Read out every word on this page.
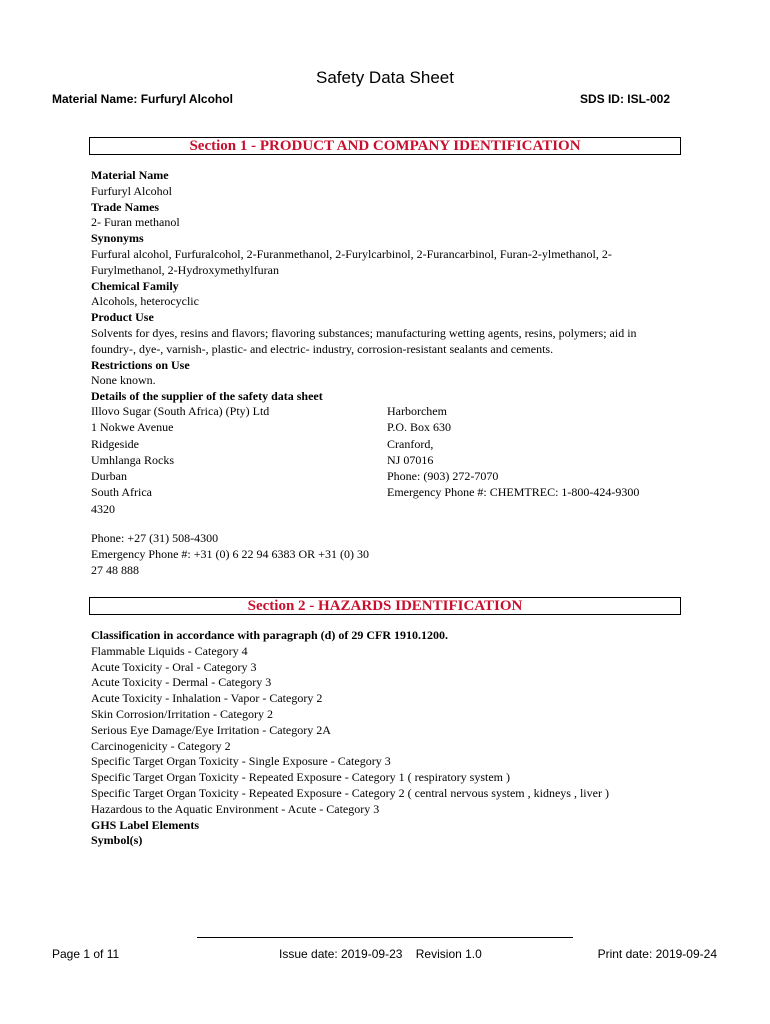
Safety Data Sheet
Material Name: Furfuryl Alcohol	SDS ID: ISL-002
Section 1 - PRODUCT AND COMPANY IDENTIFICATION
Material Name
Furfuryl Alcohol
Trade Names
2- Furan methanol
Synonyms
Furfural alcohol, Furfuralcohol, 2-Furanmethanol, 2-Furylcarbinol, 2-Furancarbinol, Furan-2-ylmethanol, 2-
Furylmethanol, 2-Hydroxymethylfuran
Chemical Family
Alcohols, heterocyclic
Product Use
Solvents for dyes, resins and flavors; flavoring substances; manufacturing wetting agents, resins, polymers; aid in
foundry-, dye-, varnish-, plastic- and electric- industry, corrosion-resistant sealants and cements.
Restrictions on Use
None known.
Details of the supplier of the safety data sheet
Illovo Sugar (South Africa) (Pty) Ltd
1 Nokwe Avenue
Ridgeside
Umhlanga Rocks
Durban
South Africa
4320
Harborchem
P.O. Box 630
Cranford,
NJ 07016
Phone: (903) 272-7070
Emergency Phone #: CHEMTREC: 1-800-424-9300
Phone: +27 (31) 508-4300
Emergency Phone #: +31 (0) 6 22 94 6383 OR +31 (0) 30
27 48 888
Section 2 - HAZARDS IDENTIFICATION
Classification in accordance with paragraph (d) of 29 CFR 1910.1200.
Flammable Liquids - Category 4
Acute Toxicity - Oral - Category 3
Acute Toxicity - Dermal - Category 3
Acute Toxicity - Inhalation - Vapor - Category 2
Skin Corrosion/Irritation - Category 2
Serious Eye Damage/Eye Irritation - Category 2A
Carcinogenicity - Category 2
Specific Target Organ Toxicity - Single Exposure - Category 3
Specific Target Organ Toxicity - Repeated Exposure - Category 1 ( respiratory system )
Specific Target Organ Toxicity - Repeated Exposure - Category 2 ( central nervous system , kidneys , liver )
Hazardous to the Aquatic Environment - Acute - Category 3
GHS Label Elements
Symbol(s)
Page 1 of 11	Issue date: 2019-09-23 Revision 1.0	Print date: 2019-09-24
